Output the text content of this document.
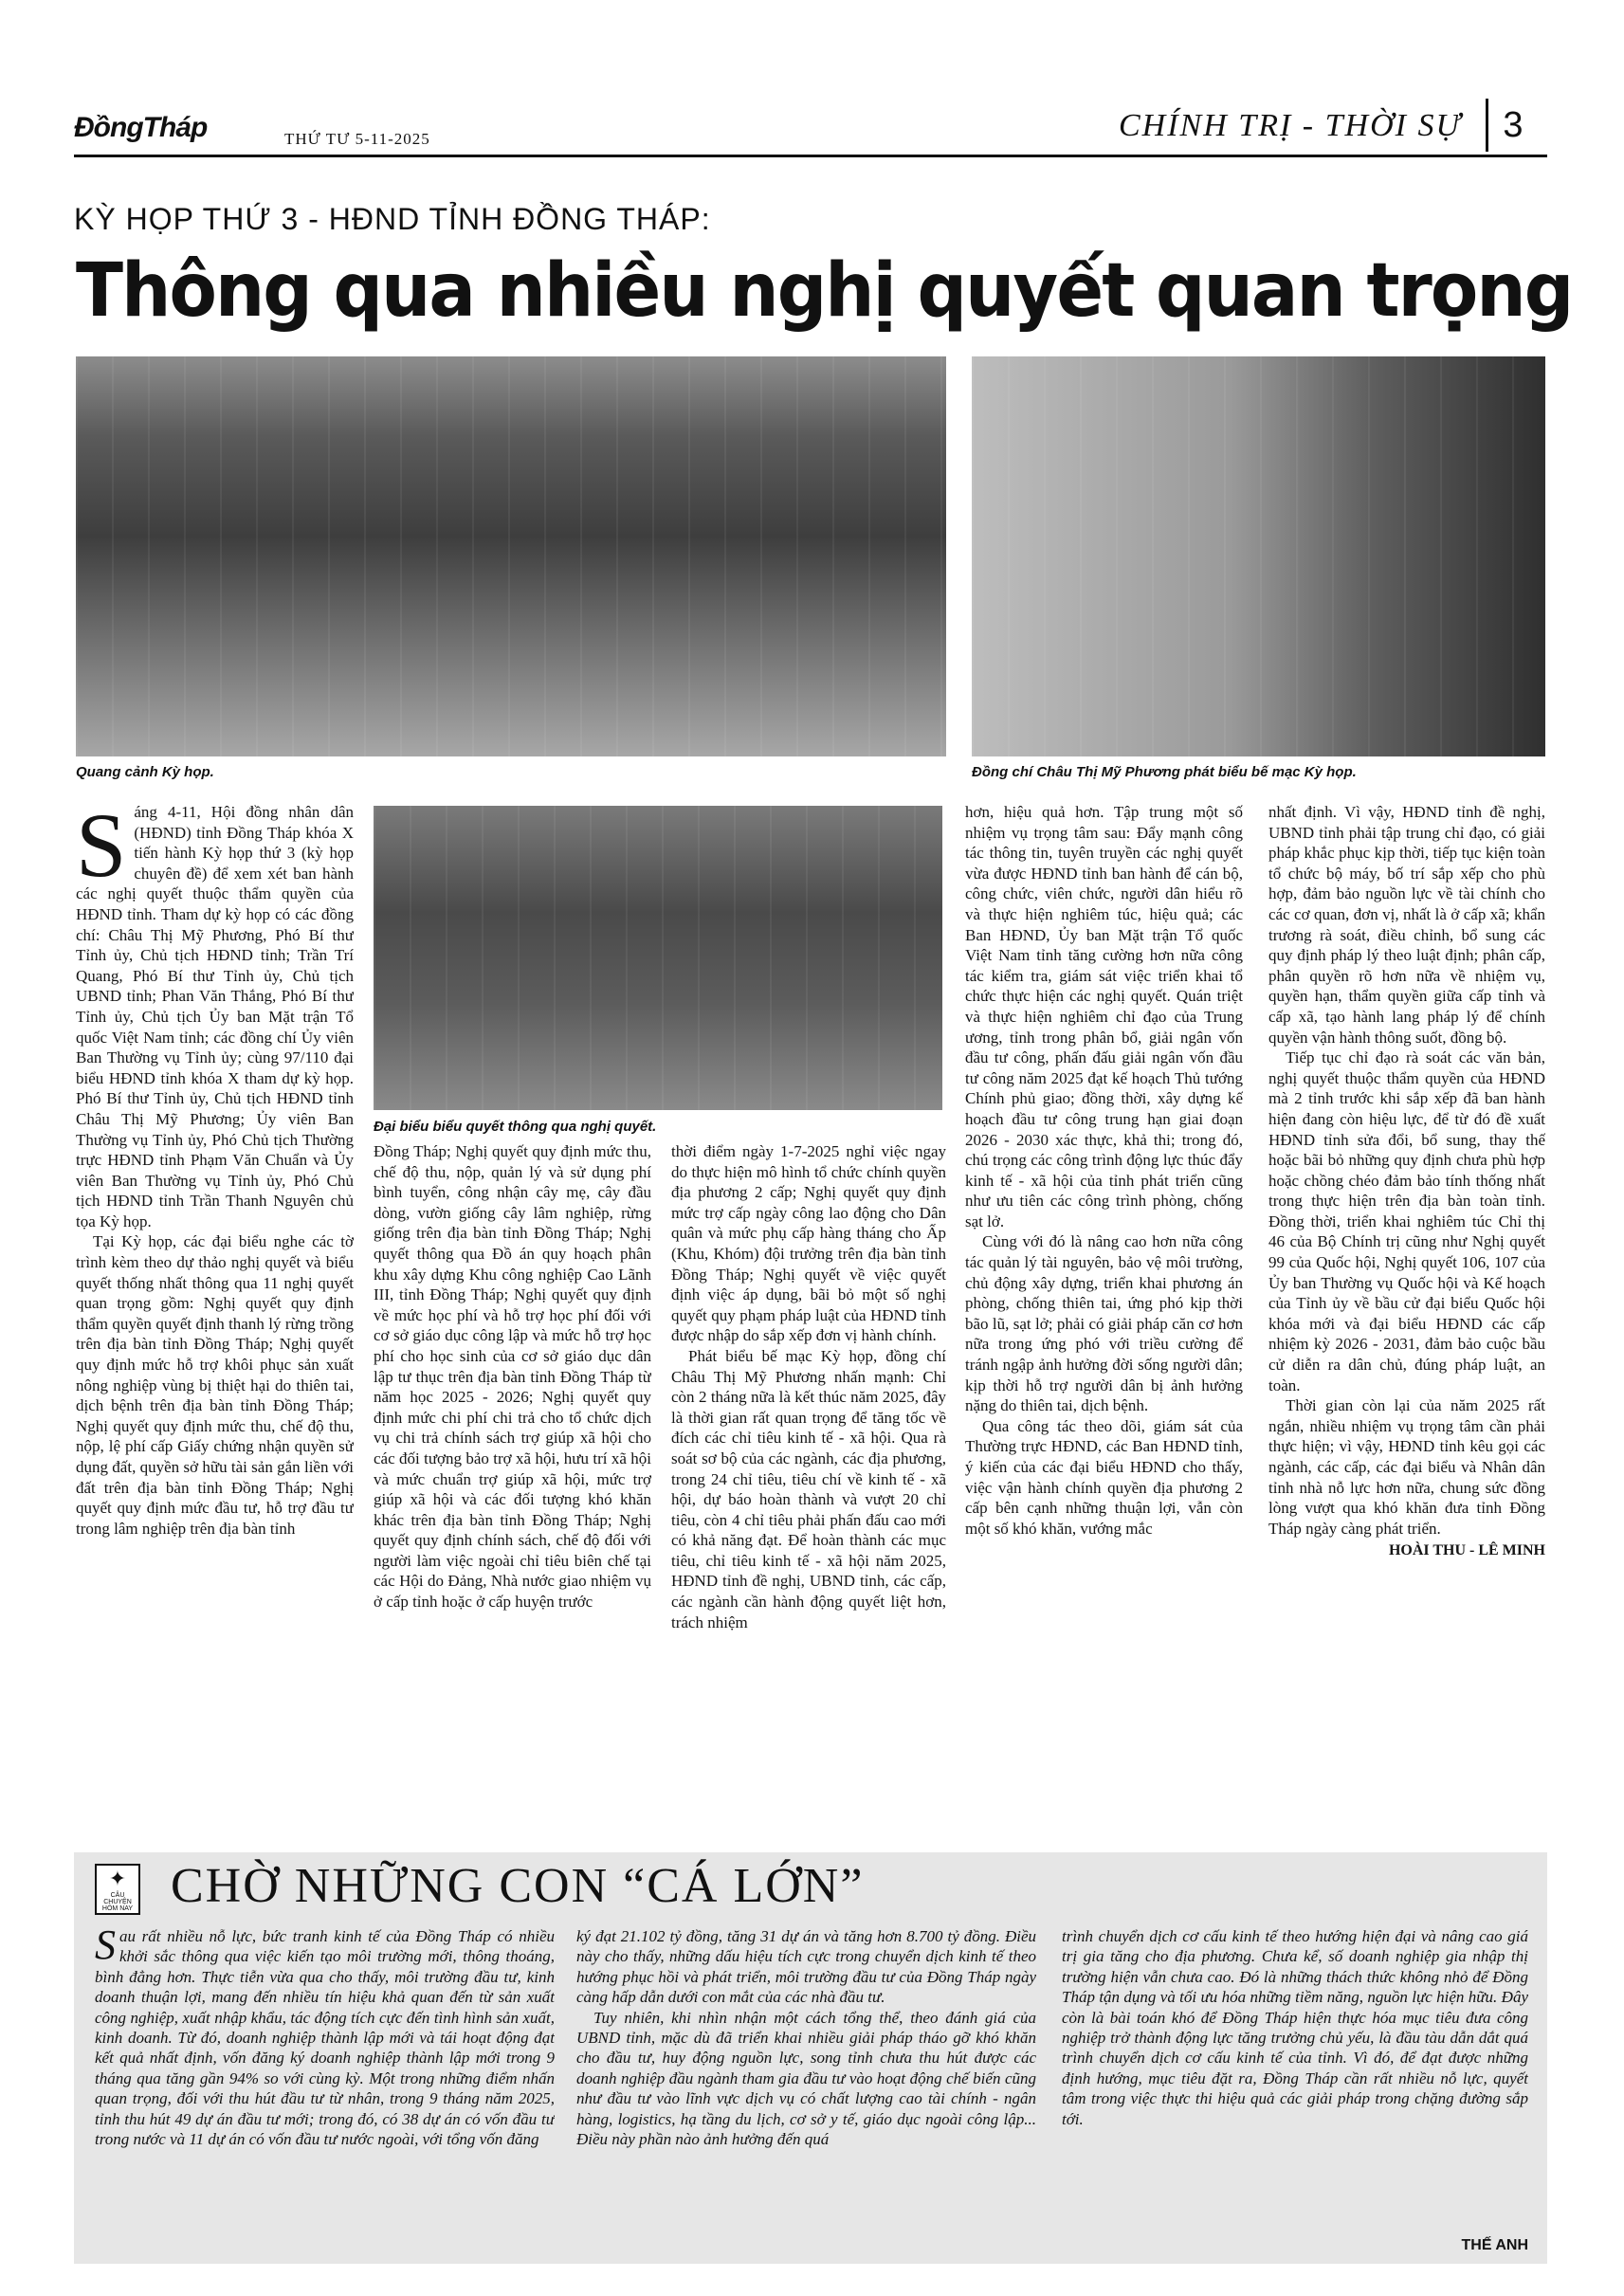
ĐồngTháp	THỨ TƯ 5-11-2025	CHÍNH TRỊ - THỜI SỰ	3
KỲ HỌP THỨ 3 - HĐND TỈNH ĐỒNG THÁP:
Thông qua nhiều nghị quyết quan trọng
Quang cảnh Kỳ họp.	Đồng chí Châu Thị Mỹ Phương phát biểu bế mạc Kỳ họp.
S áng 4-11, Hội đồng nhân dân (HĐND) tỉnh Đồng Tháp khóa X tiến hành Kỳ họp thứ 3 (kỳ họp chuyên đề) để xem xét ban hành các nghị quyết thuộc thẩm quyền của HĐND tỉnh. Tham dự kỳ họp có các đồng chí: Châu Thị Mỹ Phương, Phó Bí thư Tỉnh ủy, Chủ tịch HĐND tỉnh; Trần Trí Quang, Phó Bí thư Tỉnh ủy, Chủ tịch UBND tỉnh; Phan Văn Thắng, Phó Bí thư Tỉnh ủy, Chủ tịch Ủy ban Mặt trận Tổ quốc Việt Nam tỉnh; các đồng chí Ủy viên Ban Thường vụ Tỉnh ủy; cùng 97/110 đại biểu HĐND tỉnh khóa X tham dự kỳ họp. Phó Bí thư Tỉnh ủy, Chủ tịch HĐND tỉnh Châu Thị Mỹ Phương; Ủy viên Ban Thường vụ Tỉnh ủy, Phó Chủ tịch Thường trực HĐND tỉnh Phạm Văn Chuẩn và Ủy viên Ban Thường vụ Tỉnh ủy, Phó Chủ tịch HĐND tỉnh Trần Thanh Nguyên chủ tọa Kỳ họp.

Tại Kỳ họp, các đại biểu nghe các tờ trình kèm theo dự thảo nghị quyết và biểu quyết thống nhất thông qua 11 nghị quyết quan trọng gồm: Nghị quyết quy định thẩm quyền quyết định thanh lý rừng trồng trên địa bàn tỉnh Đồng Tháp; Nghị quyết quy định mức hỗ trợ khôi phục sản xuất nông nghiệp vùng bị thiệt hại do thiên tai, dịch bệnh trên địa bàn tỉnh Đồng Tháp; Nghị quyết quy định mức thu, chế độ thu, nộp, lệ phí cấp Giấy chứng nhận quyền sử dụng đất, quyền sở hữu tài sản gắn liền với đất trên địa bàn tỉnh Đồng Tháp; Nghị quyết quy định mức đầu tư, hỗ trợ đầu tư trong lâm nghiệp trên địa bàn tỉnh

Đại biểu biểu quyết thông qua nghị quyết.

Đồng Tháp; Nghị quyết quy định mức thu, chế độ thu, nộp, quản lý và sử dụng phí bình tuyển, công nhận cây mẹ, cây đầu dòng, vườn giống cây lâm nghiệp, rừng giống trên địa bàn tỉnh Đồng Tháp; Nghị quyết thông qua Đồ án quy hoạch phân khu xây dựng Khu công nghiệp Cao Lãnh III, tỉnh Đồng Tháp; Nghị quyết quy định về mức học phí và hỗ trợ học phí đối với cơ sở giáo dục công lập và mức hỗ trợ học phí cho học sinh của cơ sở giáo dục dân lập tư thục trên địa bàn tỉnh Đồng Tháp từ năm học 2025 - 2026; Nghị quyết quy định mức chi phí chi trả cho tổ chức dịch vụ chi trả chính sách trợ giúp xã hội cho các đối tượng bảo trợ xã hội, hưu trí xã hội và mức chuẩn trợ giúp xã hội, mức trợ giúp xã hội và các đối tượng khó khăn khác trên địa bàn tỉnh Đồng Tháp; Nghị quyết quy định chính sách, chế độ đối với người làm việc ngoài chỉ tiêu biên chế tại các Hội do Đảng, Nhà nước giao nhiệm vụ ở cấp tỉnh hoặc ở cấp huyện trước

thời điểm ngày 1-7-2025 nghỉ việc ngay do thực hiện mô hình tổ chức chính quyền địa phương 2 cấp; Nghị quyết quy định mức trợ cấp ngày công lao động cho Dân quân và mức phụ cấp hàng tháng cho Ấp (Khu, Khóm) đội trưởng trên địa bàn tỉnh Đồng Tháp; Nghị quyết về việc quyết định việc áp dụng, bãi bỏ một số nghị quyết quy phạm pháp luật của HĐND tỉnh được nhập do sắp xếp đơn vị hành chính.

Phát biểu bế mạc Kỳ họp, đồng chí Châu Thị Mỹ Phương nhấn mạnh: Chỉ còn 2 tháng nữa là kết thúc năm 2025, đây là thời gian rất quan trọng để tăng tốc về đích các chỉ tiêu kinh tế - xã hội. Qua rà soát sơ bộ của các ngành, các địa phương, trong 24 chỉ tiêu, tiêu chí về kinh tế - xã hội, dự báo hoàn thành và vượt 20 chỉ tiêu, còn 4 chỉ tiêu phải phấn đấu cao mới có khả năng đạt. Để hoàn thành các mục tiêu, chỉ tiêu kinh tế - xã hội năm 2025, HĐND tỉnh đề nghị, UBND tỉnh, các cấp, các ngành cần hành động quyết liệt hơn, trách nhiệm

hơn, hiệu quả hơn. Tập trung một số nhiệm vụ trọng tâm sau: Đẩy mạnh công tác thông tin, tuyên truyền các nghị quyết vừa được HĐND tỉnh ban hành để cán bộ, công chức, viên chức, người dân hiểu rõ và thực hiện nghiêm túc, hiệu quả; các Ban HĐND, Ủy ban Mặt trận Tổ quốc Việt Nam tỉnh tăng cường hơn nữa công tác kiểm tra, giám sát việc triển khai tổ chức thực hiện các nghị quyết. Quán triệt và thực hiện nghiêm chỉ đạo của Trung ương, tỉnh trong phân bổ, giải ngân vốn đầu tư công, phấn đấu giải ngân vốn đầu tư công năm 2025 đạt kế hoạch Thủ tướng Chính phủ giao; đồng thời, xây dựng kế hoạch đầu tư công trung hạn giai đoạn 2026 - 2030 xác thực, khả thi; trong đó, chú trọng các công trình động lực thúc đẩy kinh tế - xã hội của tỉnh phát triển cũng như ưu tiên các công trình phòng, chống sạt lở.

Cùng với đó là nâng cao hơn nữa công tác quản lý tài nguyên, bảo vệ môi trường, chủ động xây dựng, triển khai phương án phòng, chống thiên tai, ứng phó kịp thời bão lũ, sạt lở; phải có giải pháp căn cơ hơn nữa trong ứng phó với triều cường để tránh ngập ảnh hưởng đời sống người dân; kịp thời hỗ trợ người dân bị ảnh hưởng nặng do thiên tai, dịch bệnh.

Qua công tác theo dõi, giám sát của Thường trực HĐND, các Ban HĐND tỉnh, ý kiến của các đại biểu HĐND cho thấy, việc vận hành chính quyền địa phương 2 cấp bên cạnh những thuận lợi, vẫn còn một số khó khăn, vướng mắc

nhất định. Vì vậy, HĐND tỉnh đề nghị, UBND tỉnh phải tập trung chỉ đạo, có giải pháp khắc phục kịp thời, tiếp tục kiện toàn tổ chức bộ máy, bố trí sắp xếp cho phù hợp, đảm bảo nguồn lực về tài chính cho các cơ quan, đơn vị, nhất là ở cấp xã; khẩn trương rà soát, điều chỉnh, bổ sung các quy định pháp lý theo luật định; phân cấp, phân quyền rõ hơn nữa về nhiệm vụ, quyền hạn, thẩm quyền giữa cấp tỉnh và cấp xã, tạo hành lang pháp lý để chính quyền vận hành thông suốt, đồng bộ.

Tiếp tục chỉ đạo rà soát các văn bản, nghị quyết thuộc thẩm quyền của HĐND mà 2 tỉnh trước khi sắp xếp đã ban hành hiện đang còn hiệu lực, để từ đó đề xuất HĐND tỉnh sửa đổi, bổ sung, thay thế hoặc bãi bỏ những quy định chưa phù hợp hoặc chồng chéo đảm bảo tính thống nhất trong thực hiện trên địa bàn toàn tỉnh. Đồng thời, triển khai nghiêm túc Chỉ thị 46 của Bộ Chính trị cũng như Nghị quyết 99 của Quốc hội, Nghị quyết 106, 107 của Ủy ban Thường vụ Quốc hội và Kế hoạch của Tỉnh ủy về bầu cử đại biểu Quốc hội khóa mới và đại biểu HĐND các cấp nhiệm kỳ 2026 - 2031, đảm bảo cuộc bầu cử diễn ra dân chủ, đúng pháp luật, an toàn.

Thời gian còn lại của năm 2025 rất ngắn, nhiều nhiệm vụ trọng tâm cần phải thực hiện; vì vậy, HĐND tỉnh kêu gọi các ngành, các cấp, các đại biểu và Nhân dân tỉnh nhà nỗ lực hơn nữa, chung sức đồng lòng vượt qua khó khăn đưa tỉnh Đồng Tháp ngày càng phát triển.

HOÀI THU - LÊ MINH
✦
CÂU CHUYỆN HÔM NAY CHỜ NHỮNG CON “CÁ LỚN”
S au rất nhiều nỗ lực, bức tranh kinh tế của Đồng Tháp có nhiều khởi sắc thông qua việc kiến tạo môi trường mới, thông thoáng, bình đẳng hơn. Thực tiễn vừa qua cho thấy, môi trường đầu tư, kinh doanh thuận lợi, mang đến nhiều tín hiệu khả quan đến từ sản xuất công nghiệp, xuất nhập khẩu, tác động tích cực đến tình hình sản xuất, kinh doanh. Từ đó, doanh nghiệp thành lập mới và tái hoạt động đạt kết quả nhất định, vốn đăng ký doanh nghiệp thành lập mới trong 9 tháng qua tăng gần 94% so với cùng kỳ. Một trong những điểm nhấn quan trọng, đối với thu hút đầu tư từ nhân, trong 9 tháng năm 2025, tỉnh thu hút 49 dự án đầu tư mới; trong đó, có 38 dự án có vốn đầu tư trong nước và 11 dự án có vốn đầu tư nước ngoài, với tổng vốn đăng

ký đạt 21.102 tỷ đồng, tăng 31 dự án và tăng hơn 8.700 tỷ đồng. Điều này cho thấy, những dấu hiệu tích cực trong chuyển dịch kinh tế theo hướng phục hồi và phát triển, môi trường đầu tư của Đồng Tháp ngày càng hấp dẫn dưới con mắt của các nhà đầu tư.

Tuy nhiên, khi nhìn nhận một cách tổng thể, theo đánh giá của UBND tỉnh, mặc dù đã triển khai nhiều giải pháp tháo gỡ khó khăn cho đầu tư, huy động nguồn lực, song tỉnh chưa thu hút được các doanh nghiệp đầu ngành tham gia đầu tư vào hoạt động chế biến cũng như đầu tư vào lĩnh vực dịch vụ có chất lượng cao tài chính - ngân hàng, logistics, hạ tầng du lịch, cơ sở y tế, giáo dục ngoài công lập... Điều này phần nào ảnh hưởng đến quá

trình chuyển dịch cơ cấu kinh tế theo hướng hiện đại và nâng cao giá trị gia tăng cho địa phương. Chưa kể, số doanh nghiệp gia nhập thị trường hiện vẫn chưa cao. Đó là những thách thức không nhỏ để Đồng Tháp tận dụng và tối ưu hóa những tiềm năng, nguồn lực hiện hữu. Đây còn là bài toán khó để Đồng Tháp hiện thực hóa mục tiêu đưa công nghiệp trở thành động lực tăng trưởng chủ yếu, là đầu tàu dẫn dắt quá trình chuyển dịch cơ cấu kinh tế của tỉnh. Vì đó, để đạt được những định hướng, mục tiêu đặt ra, Đồng Tháp cần rất nhiều nỗ lực, quyết tâm trong việc thực thi hiệu quả các giải pháp trong chặng đường sắp tới.

THẾ ANH
